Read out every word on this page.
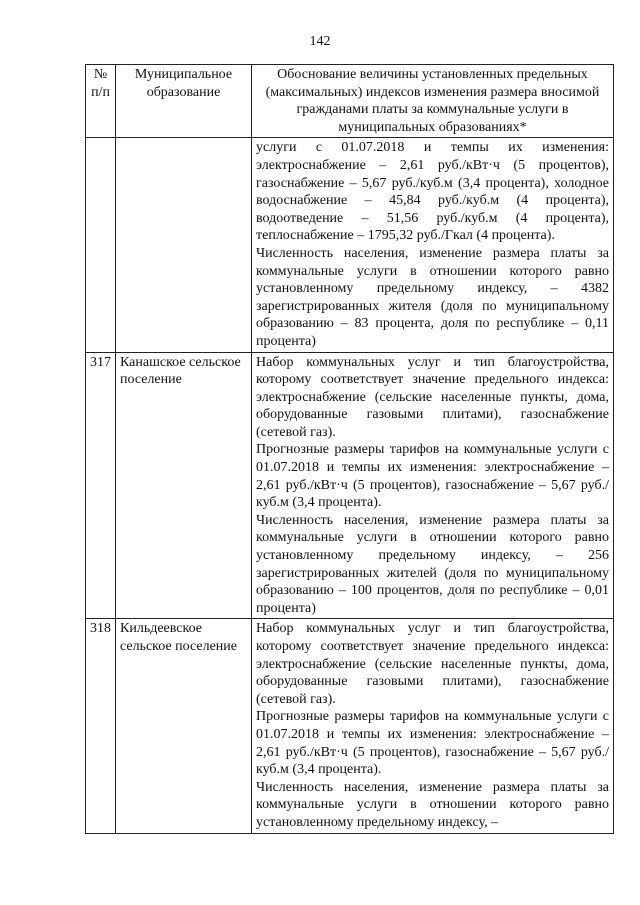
142
№ п/п	Муниципальное образование	Обоснование величины установленных предельных (максимальных) индексов изменения размера вносимой гражданами платы за коммунальные услуги в муниципальных образованиях*

		услуги с 01.07.2018 и темпы их изменения: электроснабжение – 2,61 руб./кВт·ч (5 процентов), газоснабжение – 5,67 руб./куб.м (3,4 процента), холодное водоснабжение – 45,84 руб./куб.м (4 процента), водоотведение – 51,56 руб./куб.м (4 процента), теплоснабжение – 1795,32 руб./Гкал (4 процента).

Численность населения, изменение размера платы за коммунальные услуги в отношении которого равно установленному предельному индексу, – 4382 зарегистрированных жителя (доля по муниципальному образованию – 83 процента, доля по республике – 0,11 процента)

317	Канашское сельское поселение	Набор коммунальных услуг и тип благоустройства, которому соответствует значение предельного индекса: электроснабжение (сельские населенные пункты, дома, оборудованные газовыми плитами), газоснабжение (сетевой газ).

Прогнозные размеры тарифов на коммунальные услуги с 01.07.2018 и темпы их изменения: электроснабжение – 2,61 руб./кВт·ч (5 процентов), газоснабжение – 5,67 руб./куб.м (3,4 процента).

Численность населения, изменение размера платы за коммунальные услуги в отношении которого равно установленному предельному индексу, – 256 зарегистрированных жителей (доля по муниципальному образованию – 100 процентов, доля по республике – 0,01 процента)

318	Кильдеевское сельское поселение	Набор коммунальных услуг и тип благоустройства, которому соответствует значение предельного индекса: электроснабжение (сельские населенные пункты, дома, оборудованные газовыми плитами), газоснабжение (сетевой газ).

Прогнозные размеры тарифов на коммунальные услуги с 01.07.2018 и темпы их изменения: электроснабжение – 2,61 руб./кВт·ч (5 процентов), газоснабжение – 5,67 руб./куб.м (3,4 процента).

Численность населения, изменение размера платы за коммунальные услуги в отношении которого равно установленному предельному индексу, –
